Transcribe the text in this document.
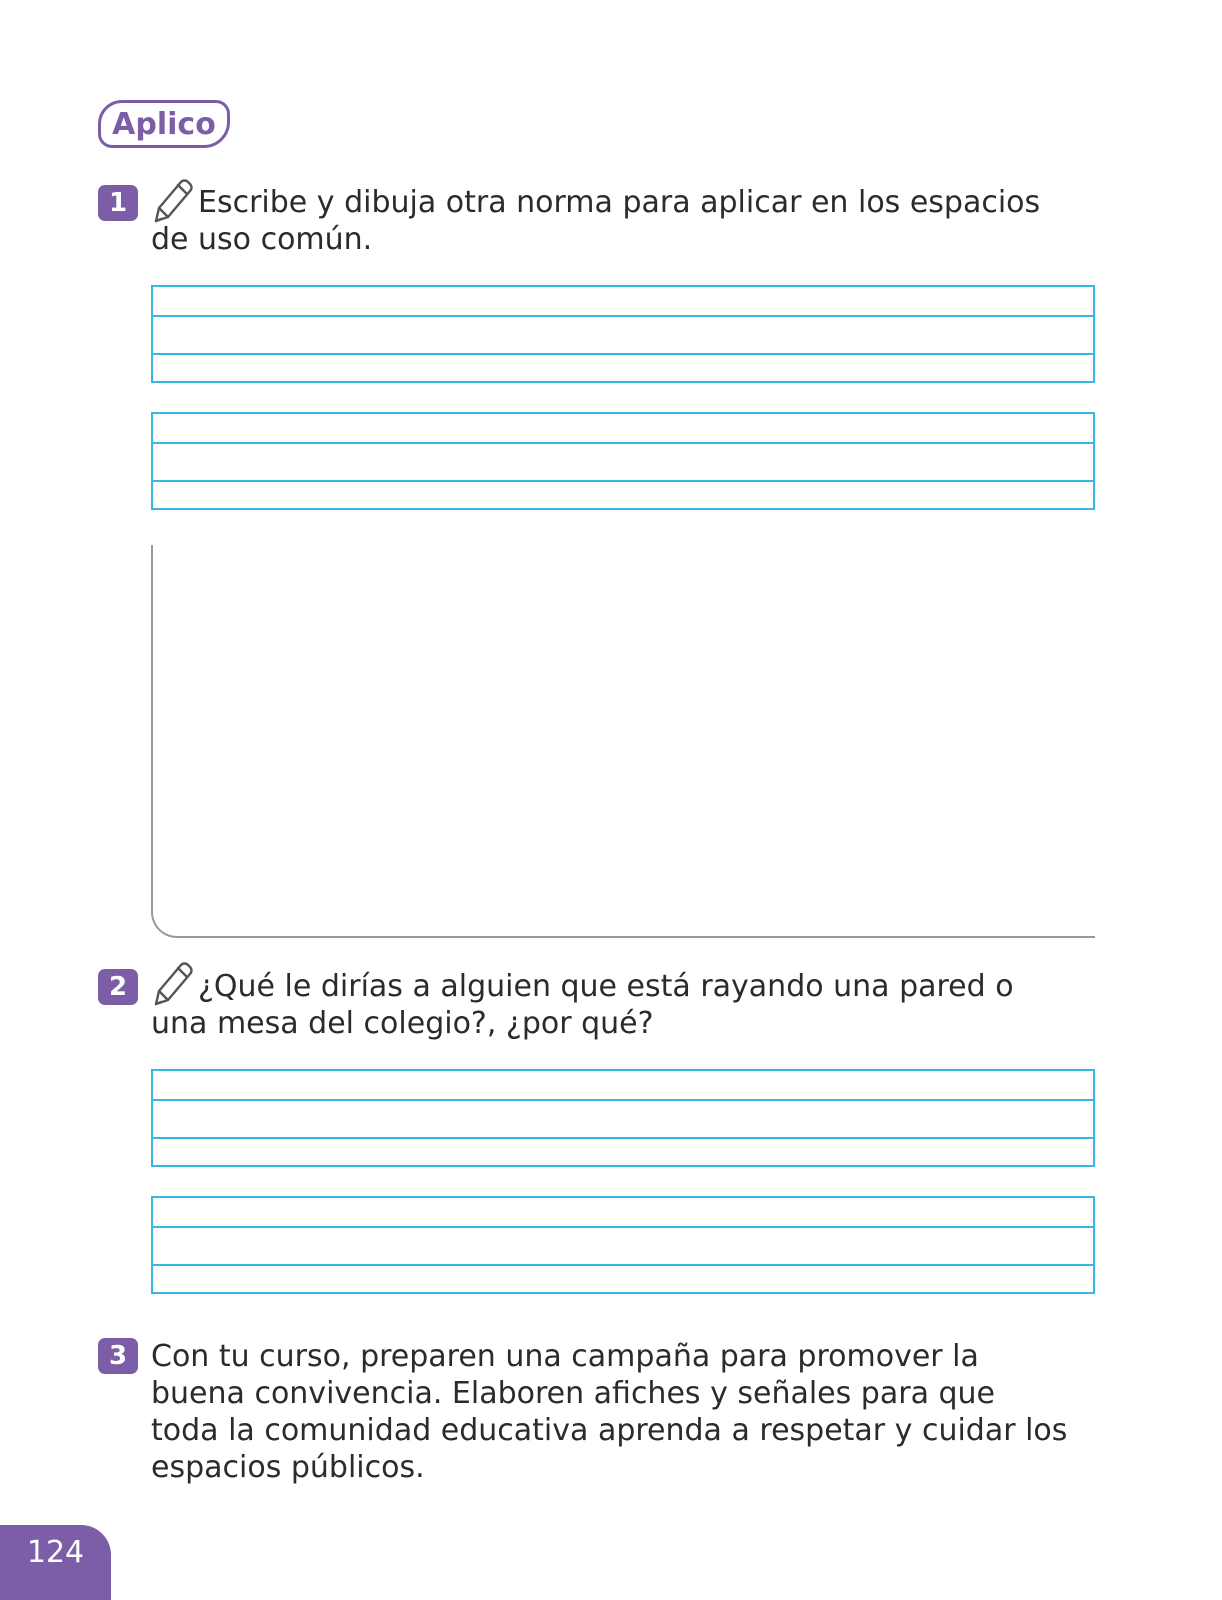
Aplico
1	Escribe y dibuja otra norma para aplicar en los espacios
de uso común.
2	¿Qué le dirías a alguien que está rayando una pared o
una mesa del colegio?, ¿por qué?
3 Con tu curso, preparen una campaña para promover la
buena convivencia. Elaboren afiches y señales para que
toda la comunidad educativa aprenda a respetar y cuidar los
espacios públicos.
124
